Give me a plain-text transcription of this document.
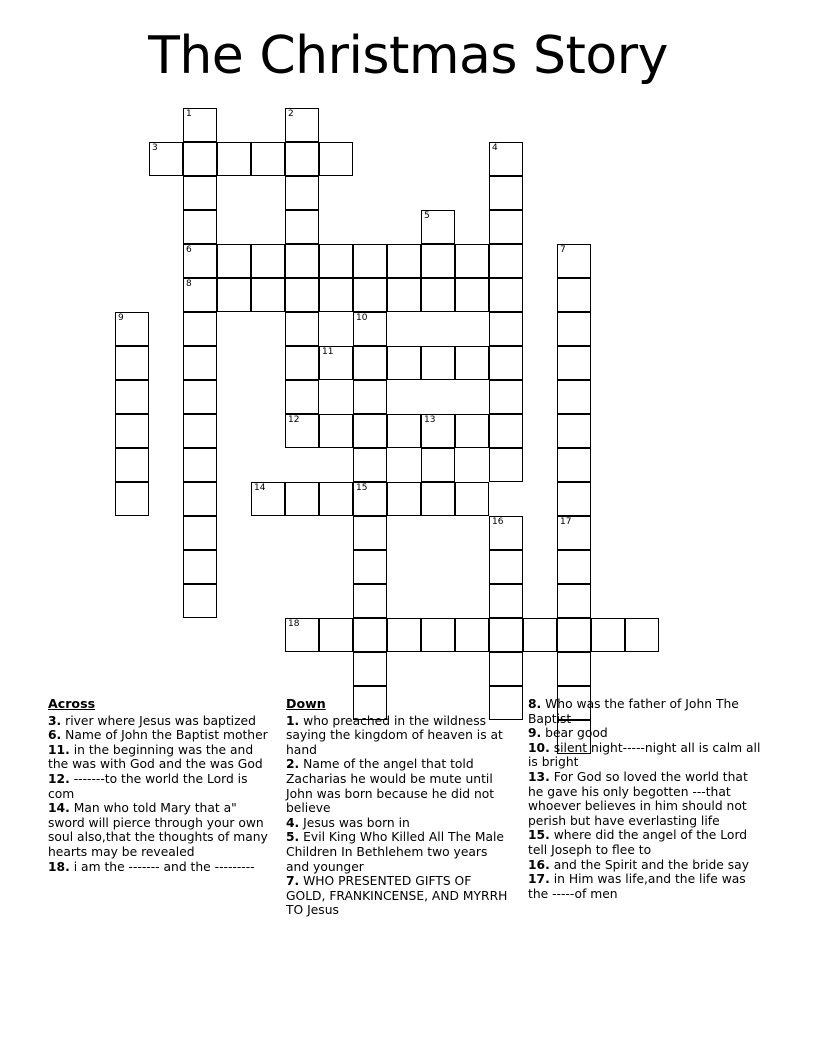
The Christmas Story
1	2
3	4
5
6	7
8
9	10
11
12	13
14	15
16	17
18
Across
3. river where Jesus was baptized
6. Name of John the Baptist mother
11. in the beginning was the and the was with God and the was God
12. -------to the world the Lord is com
14. Man who told Mary that a" sword will pierce through your own soul also,that the thoughts of many hearts may be revealed
18. i am the ------- and the ---------
Down
1. who preached in the wildness saying the kingdom of heaven is at hand
2. Name of the angel that told Zacharias he would be mute until John was born because he did not believe
4. Jesus was born in
5. Evil King Who Killed All The Male Children In Bethlehem two years and younger
7. WHO PRESENTED GIFTS OF GOLD, FRANKINCENSE, AND MYRRH TO Jesus
8. Who was the father of John The Baptist
9. bear good
10. silent night-----night all is calm all is bright
13. For God so loved the world that he gave his only begotten ---that whoever believes in him should not perish but have everlasting life
15. where did the angel of the Lord tell Joseph to flee to
16. and the Spirit and the bride say
17. in Him was life,and the life was the -----of men
